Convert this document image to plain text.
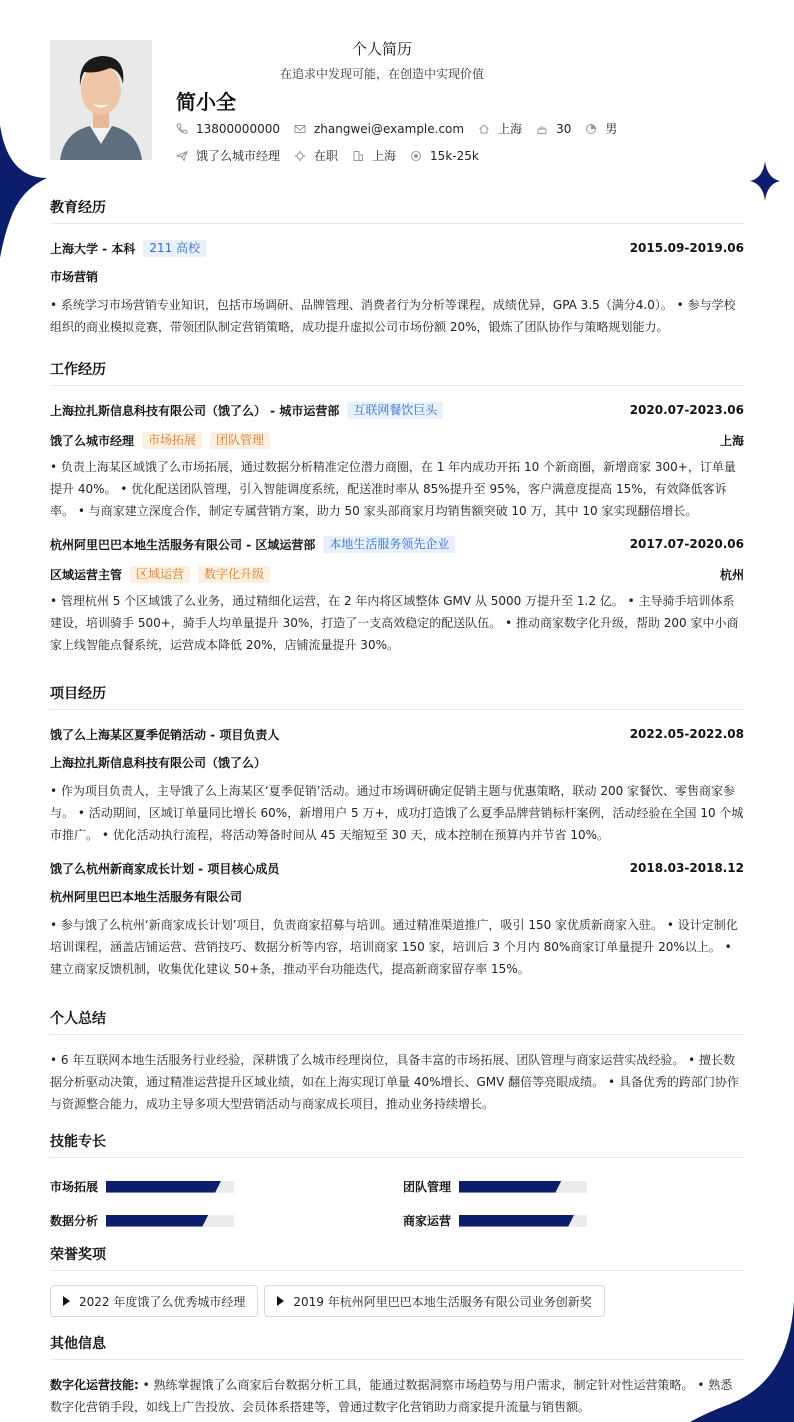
个人简历
在追求中发现可能，在创造中实现价值
简小全
13800000000	zhangwei@example.com	上海	30	男
饿了么城市经理	在职	上海	15k-25k
教育经历
上海大学 - 本科	211 高校	2015.09-2019.06
市场营销
• 系统学习市场营销专业知识，包括市场调研、品牌管理、消费者行为分析等课程，成绩优异，GPA 3.5（满分4.0）。 • 参与学校组织的商业模拟竞赛，带领团队制定营销策略，成功提升虚拟公司市场份额 20%，锻炼了团队协作与策略规划能力。
工作经历
上海拉扎斯信息科技有限公司（饿了么） - 城市运营部	互联网餐饮巨头	2020.07-2023.06
饿了么城市经理	市场拓展	团队管理	上海
• 负责上海某区域饿了么市场拓展，通过数据分析精准定位潜力商圈，在 1 年内成功开拓 10 个新商圈，新增商家 300+，订单量提升 40%。 • 优化配送团队管理，引入智能调度系统，配送准时率从 85%提升至 95%，客户满意度提高 15%，有效降低客诉率。 • 与商家建立深度合作，制定专属营销方案，助力 50 家头部商家月均销售额突破 10 万，其中 10 家实现翻倍增长。
杭州阿里巴巴本地生活服务有限公司 - 区域运营部	本地生活服务领先企业	2017.07-2020.06
区域运营主管	区域运营	数字化升级	杭州
• 管理杭州 5 个区域饿了么业务，通过精细化运营，在 2 年内将区域整体 GMV 从 5000 万提升至 1.2 亿。 • 主导骑手培训体系建设，培训骑手 500+，骑手人均单量提升 30%，打造了一支高效稳定的配送队伍。 • 推动商家数字化升级，帮助 200 家中小商家上线智能点餐系统，运营成本降低 20%，店铺流量提升 30%。
项目经历
饿了么上海某区夏季促销活动 - 项目负责人	2022.05-2022.08
上海拉扎斯信息科技有限公司（饿了么）
• 作为项目负责人，主导饿了么上海某区‘夏季促销’活动。通过市场调研确定促销主题与优惠策略，联动 200 家餐饮、零售商家参与。 • 活动期间，区域订单量同比增长 60%，新增用户 5 万+，成功打造饿了么夏季品牌营销标杆案例，活动经验在全国 10 个城市推广。 • 优化活动执行流程，将活动筹备时间从 45 天缩短至 30 天，成本控制在预算内并节省 10%。
饿了么杭州新商家成长计划 - 项目核心成员	2018.03-2018.12
杭州阿里巴巴本地生活服务有限公司
• 参与饿了么杭州‘新商家成长计划’项目，负责商家招募与培训。通过精准渠道推广，吸引 150 家优质新商家入驻。 • 设计定制化培训课程，涵盖店铺运营、营销技巧、数据分析等内容，培训商家 150 家，培训后 3 个月内 80%商家订单量提升 20%以上。 • 建立商家反馈机制，收集优化建议 50+条，推动平台功能迭代，提高新商家留存率 15%。
个人总结
• 6 年互联网本地生活服务行业经验，深耕饿了么城市经理岗位，具备丰富的市场拓展、团队管理与商家运营实战经验。 • 擅长数据分析驱动决策，通过精准运营提升区域业绩，如在上海实现订单量 40%增长、GMV 翻倍等亮眼成绩。 • 具备优秀的跨部门协作与资源整合能力，成功主导多项大型营销活动与商家成长项目，推动业务持续增长。
技能专长
市场拓展	团队管理
数据分析	商家运营
荣誉奖项
2022 年度饿了么优秀城市经理	2019 年杭州阿里巴巴本地生活服务有限公司业务创新奖
其他信息
数字化运营技能: • 熟练掌握饿了么商家后台数据分析工具，能通过数据洞察市场趋势与用户需求，制定针对性运营策略。 • 熟悉数字化营销手段，如线上广告投放、会员体系搭建等，曾通过数字化营销助力商家提升流量与销售额。
